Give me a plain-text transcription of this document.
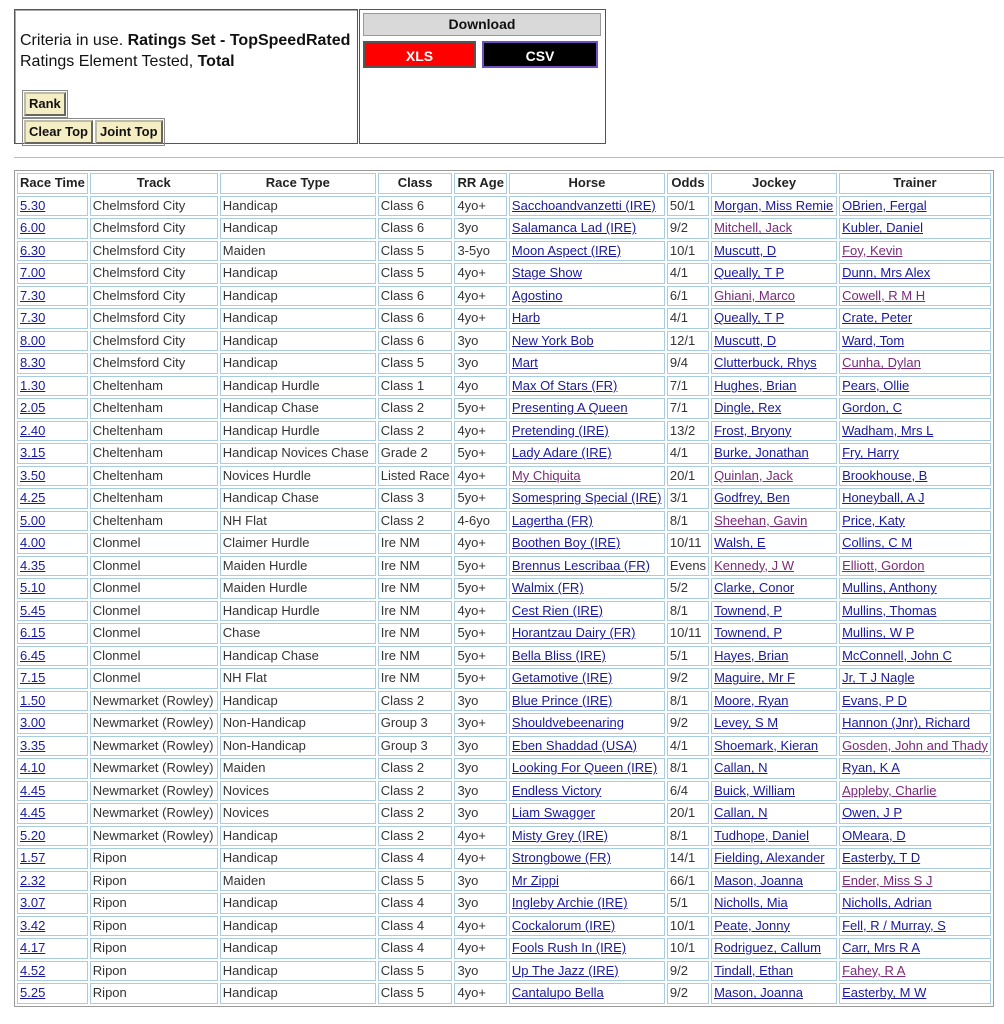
Criteria in use. Ratings Set - TopSpeedRated
Ratings Element Tested, Total
Rank
Clear Top Joint Top
Download
XLS	CSV
Race Time	Track	Race Type	Class	RR Age	Horse	Odds	Jockey	Trainer
5.30	Chelmsford City	Handicap	Class 6	4yo+	Sacchoandvanzetti (IRE)	50/1	Morgan, Miss Remie	OBrien, Fergal
6.00	Chelmsford City	Handicap	Class 6	3yo	Salamanca Lad (IRE)	9/2	Mitchell, Jack	Kubler, Daniel
6.30	Chelmsford City	Maiden	Class 5	3-5yo	Moon Aspect (IRE)	10/1	Muscutt, D	Foy, Kevin
7.00	Chelmsford City	Handicap	Class 5	4yo+	Stage Show	4/1	Queally, T P	Dunn, Mrs Alex
7.30	Chelmsford City	Handicap	Class 6	4yo+	Agostino	6/1	Ghiani, Marco	Cowell, R M H
7.30	Chelmsford City	Handicap	Class 6	4yo+	Harb	4/1	Queally, T P	Crate, Peter
8.00	Chelmsford City	Handicap	Class 6	3yo	New York Bob	12/1	Muscutt, D	Ward, Tom
8.30	Chelmsford City	Handicap	Class 5	3yo	Mart	9/4	Clutterbuck, Rhys	Cunha, Dylan
1.30	Cheltenham	Handicap Hurdle	Class 1	4yo	Max Of Stars (FR)	7/1	Hughes, Brian	Pears, Ollie
2.05	Cheltenham	Handicap Chase	Class 2	5yo+	Presenting A Queen	7/1	Dingle, Rex	Gordon, C
2.40	Cheltenham	Handicap Hurdle	Class 2	4yo+	Pretending (IRE)	13/2	Frost, Bryony	Wadham, Mrs L
3.15	Cheltenham	Handicap Novices Chase	Grade 2	5yo+	Lady Adare (IRE)	4/1	Burke, Jonathan	Fry, Harry
3.50	Cheltenham	Novices Hurdle	Listed Race	4yo+	My Chiquita	20/1	Quinlan, Jack	Brookhouse, B
4.25	Cheltenham	Handicap Chase	Class 3	5yo+	Somespring Special (IRE)	3/1	Godfrey, Ben	Honeyball, A J
5.00	Cheltenham	NH Flat	Class 2	4-6yo	Lagertha (FR)	8/1	Sheehan, Gavin	Price, Katy
4.00	Clonmel	Claimer Hurdle	Ire NM	4yo+	Boothen Boy (IRE)	10/11	Walsh, E	Collins, C M
4.35	Clonmel	Maiden Hurdle	Ire NM	5yo+	Brennus Lescribaa (FR)	Evens	Kennedy, J W	Elliott, Gordon
5.10	Clonmel	Maiden Hurdle	Ire NM	5yo+	Walmix (FR)	5/2	Clarke, Conor	Mullins, Anthony
5.45	Clonmel	Handicap Hurdle	Ire NM	4yo+	Cest Rien (IRE)	8/1	Townend, P	Mullins, Thomas
6.15	Clonmel	Chase	Ire NM	5yo+	Horantzau Dairy (FR)	10/11	Townend, P	Mullins, W P
6.45	Clonmel	Handicap Chase	Ire NM	5yo+	Bella Bliss (IRE)	5/1	Hayes, Brian	McConnell, John C
7.15	Clonmel	NH Flat	Ire NM	5yo+	Getamotive (IRE)	9/2	Maguire, Mr F	Jr, T J Nagle
1.50	Newmarket (Rowley)	Handicap	Class 2	3yo	Blue Prince (IRE)	8/1	Moore, Ryan	Evans, P D
3.00	Newmarket (Rowley)	Non-Handicap	Group 3	3yo+	Shouldvebeenaring	9/2	Levey, S M	Hannon (Jnr), Richard
3.35	Newmarket (Rowley)	Non-Handicap	Group 3	3yo	Eben Shaddad (USA)	4/1	Shoemark, Kieran	Gosden, John and Thady
4.10	Newmarket (Rowley)	Maiden	Class 2	3yo	Looking For Queen (IRE)	8/1	Callan, N	Ryan, K A
4.45	Newmarket (Rowley)	Novices	Class 2	3yo	Endless Victory	6/4	Buick, William	Appleby, Charlie
4.45	Newmarket (Rowley)	Novices	Class 2	3yo	Liam Swagger	20/1	Callan, N	Owen, J P
5.20	Newmarket (Rowley)	Handicap	Class 2	4yo+	Misty Grey (IRE)	8/1	Tudhope, Daniel	OMeara, D
1.57	Ripon	Handicap	Class 4	4yo+	Strongbowe (FR)	14/1	Fielding, Alexander	Easterby, T D
2.32	Ripon	Maiden	Class 5	3yo	Mr Zippi	66/1	Mason, Joanna	Ender, Miss S J
3.07	Ripon	Handicap	Class 4	3yo	Ingleby Archie (IRE)	5/1	Nicholls, Mia	Nicholls, Adrian
3.42	Ripon	Handicap	Class 4	4yo+	Cockalorum (IRE)	10/1	Peate, Jonny	Fell, R / Murray, S
4.17	Ripon	Handicap	Class 4	4yo+	Fools Rush In (IRE)	10/1	Rodriguez, Callum	Carr, Mrs R A
4.52	Ripon	Handicap	Class 5	3yo	Up The Jazz (IRE)	9/2	Tindall, Ethan	Fahey, R A
5.25	Ripon	Handicap	Class 5	4yo+	Cantalupo Bella	9/2	Mason, Joanna	Easterby, M W
